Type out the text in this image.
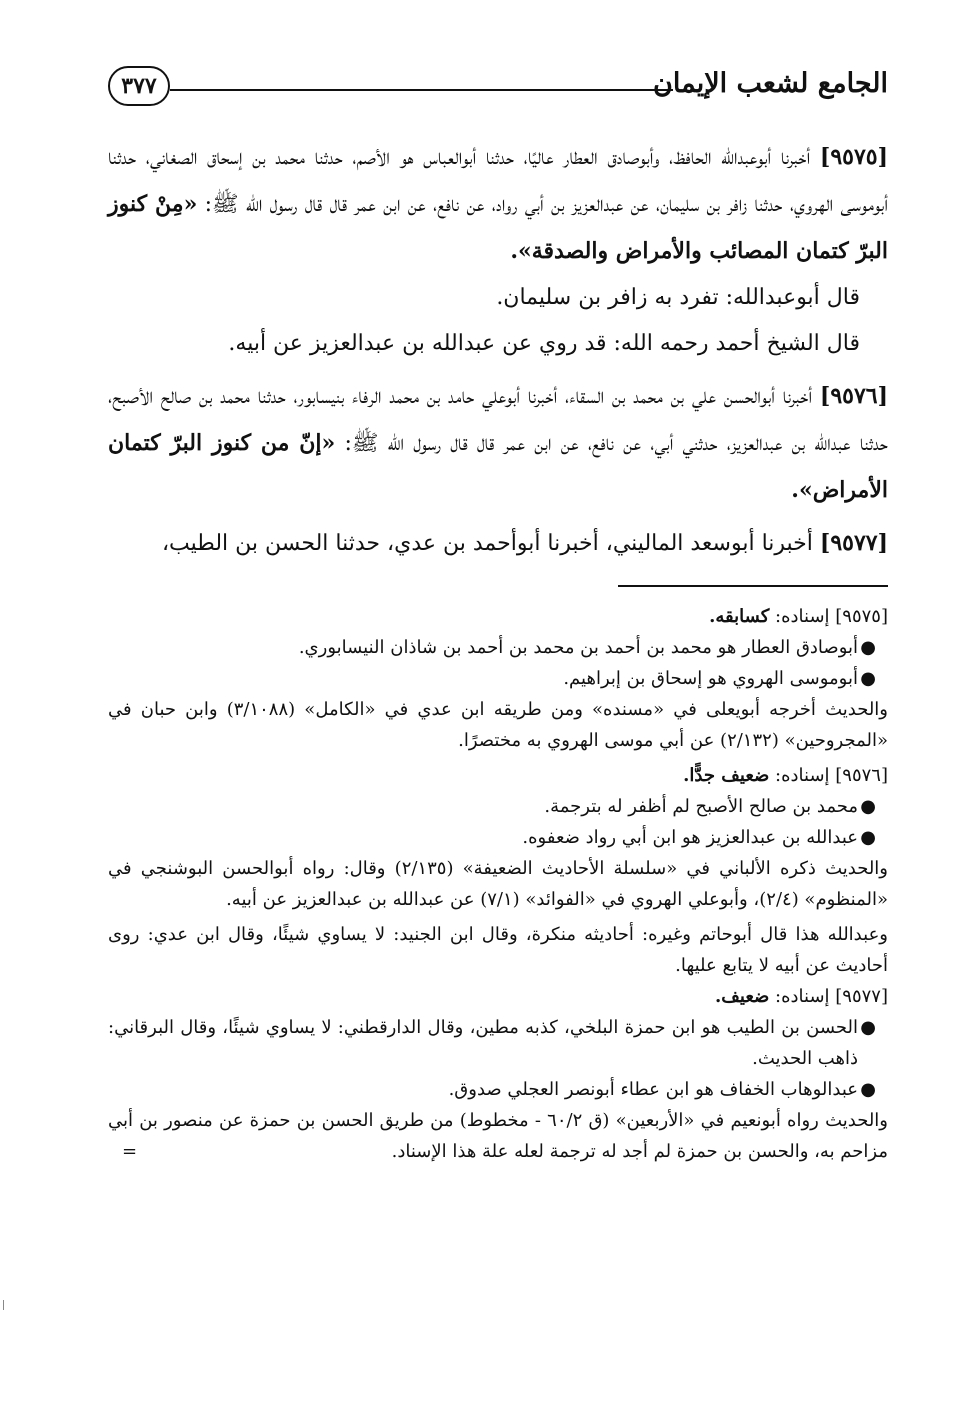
الجامع لشعب الإيمان
٣٧٧

[٩٥٧٥] أخبرنا أبوعبدالله الحافظ، وأبوصادق العطار عاليًا، حدثنا أبوالعباس هو الأصم، حدثنا محمد بن إسحاق الصغاني، حدثنا أبوموسى الهروي، حدثنا زافر بن سليمان، عن عبدالعزيز بن أبي رواد، عن نافع، عن ابن عمر قال قال رسول الله ﷺ: «مِنْ كنوز البرّ كتمان المصائب والأمراض والصدقة».

قال أبوعبدالله: تفرد به زافر بن سليمان.

قال الشيخ أحمد رحمه الله: قد روي عن عبدالله بن عبدالعزيز عن أبيه.

[٩٥٧٦] أخبرنا أبوالحسن علي بن محمد بن السقاء، أخبرنا أبوعلي حامد بن محمد الرفاء بنيسابور، حدثنا محمد بن صالح الأصبح، حدثنا عبدالله بن عبدالعزيز، حدثني أبي، عن نافع، عن ابن عمر قال قال رسول الله ﷺ: «إنّ من كنوز البرّ كتمان الأمراض».

[٩٥٧٧] أخبرنا أبوسعد الماليني، أخبرنا أبوأحمد بن عدي، حدثنا الحسن بن الطيب،

[٩٥٧٥] إسناده: كسابقه.

●
أبوصادق العطار هو محمد بن أحمد بن محمد بن أحمد بن شاذان النيسابوري.

●
أبوموسى الهروي هو إسحاق بن إبراهيم.

والحديث أخرجه أبويعلى في «مسنده» ومن طريقه ابن عدي في «الكامل» (٣/١٠٨٨) وابن حبان في «المجروحين» (٢/١٣٢) عن أبي موسى الهروي به مختصرًا.

[٩٥٧٦] إسناده: ضعيف جدًّا.

●
محمد بن صالح الأصبح لم أظفر له بترجمة.

●
عبدالله بن عبدالعزيز هو ابن أبي رواد ضعفوه.

والحديث ذكره الألباني في «سلسلة الأحاديث الضعيفة» (٢/١٣٥) وقال: رواه أبوالحسن البوشنجي في «المنظوم» (٢/٤)، وأبوعلي الهروي في «الفوائد» (٧/١) عن عبدالله بن عبدالعزيز عن أبيه.

وعبدالله هذا قال أبوحاتم وغيره: أحاديثه منكرة، وقال ابن الجنيد: لا يساوي شيئًا، وقال ابن عدي: روى أحاديث عن أبيه لا يتابع عليها.

[٩٥٧٧] إسناده: ضعيف.

●
الحسن بن الطيب هو ابن حمزة البلخي، كذبه مطين، وقال الدارقطني: لا يساوي شيئًا، وقال البرقاني: ذاهب الحديث.

●
عبدالوهاب الخفاف هو ابن عطاء أبونصر العجلي صدوق.

والحديث رواه أبونعيم في «الأربعين» (ق ٦٠/٢ - مخطوط) من طريق الحسن بن حمزة عن منصور بن أبي مزاحم به، والحسن بن حمزة لم أجد له ترجمة لعله علة هذا الإسناد.
=
